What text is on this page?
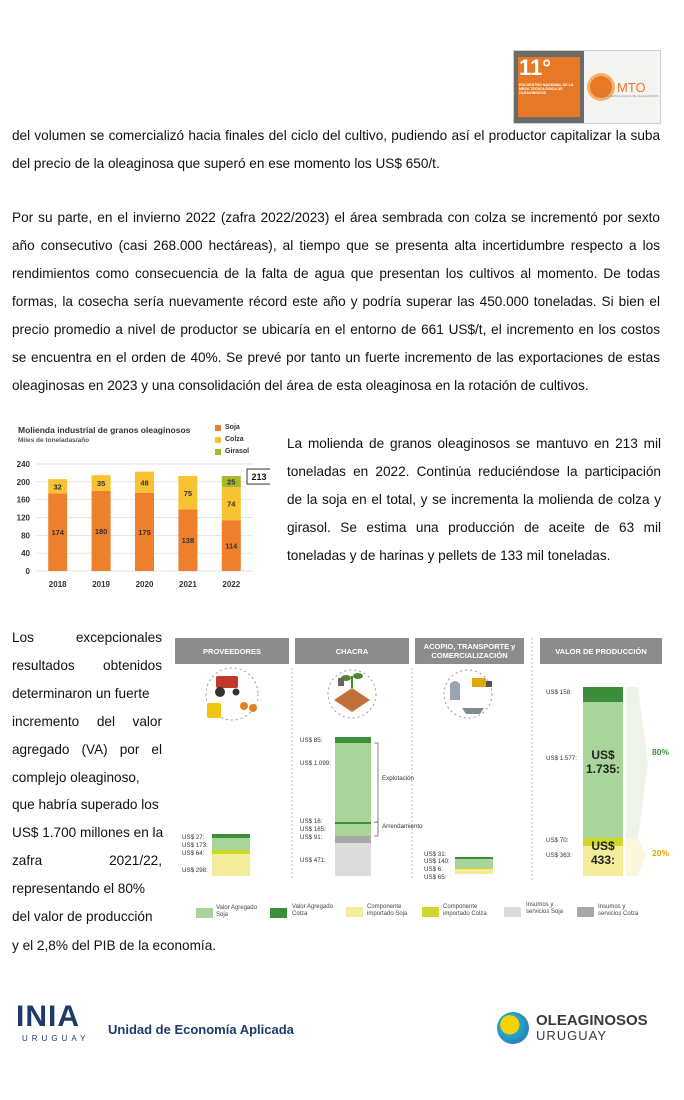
11°
ENCUENTRO NACIONAL DE LA MESA TECNOLÓGICA DE OLEAGINOSOS	MTO
MESA TECNOLÓGICA DE OLEAGINOSOS
del volumen se comercializó hacia finales del ciclo del cultivo, pudiendo así el productor capitalizar la suba
del precio de la oleaginosa que superó en ese momento los US$ 650/t.
Por su parte, en el invierno 2022 (zafra 2022/2023) el área sembrada con colza se incrementó por sexto
año consecutivo (casi 268.000 hectáreas), al tiempo que se presenta alta incertidumbre respecto a los
rendimientos como consecuencia de la falta de agua que presentan los cultivos al momento. De todas
formas, la cosecha sería nuevamente récord este año y podría superar las 450.000 toneladas. Si bien el
precio promedio a nivel de productor se ubicaría en el entorno de 661 US$/t, el incremento en los costos
se encuentra en el orden de 40%. Se prevé por tanto un fuerte incremento de las exportaciones de estas
oleaginosas en 2023 y una consolidación del área de esta oleaginosa en la rotación de cultivos.
Molienda industrial de granos oleaginosos
Miles de toneladas/año
Soja
Colza
Girasol
0
40
80
120
160
200
240
174
32
2018
180
35
2019
175
48
2020
138
75
2021
114
74
25
2022
213
La molienda de granos oleaginosos se mantuvo en 213 mil
toneladas en 2022. Continúa reduciéndose la participación
de la soja en el total, y se incrementa la molienda de colza y
girasol. Se estima una producción de aceite de 63 mil
toneladas y de harinas y pellets de 133 mil toneladas.
Los excepcionales
resultados obtenidos
determinaron un fuerte
incremento del valor
agregado (VA) por el
complejo oleaginoso,
que habría superado los
US$ 1.700 millones en la
zafra 2021/22,
representando el 80%
del valor de producción
y el 2,8% del PIB de la economía.
PROVEEDORES	CHACRA	ACOPIO, TRANSPORTE y COMERCIALIZACIÓN	VALOR DE PRODUCCIÓN
US$ 27:
US$ 173:
US$ 64:
US$ 298:
US$ 85:
US$ 1.099:
US$ 16:
US$ 165:
US$ 91:
US$ 471:
Explotación
Arrendamiento
US$ 31:
US$ 140:
US$ 6:
US$ 65:
US$ 158:
US$ 1.577:
US$ 70:
US$ 363:
US$
1.735:
US$
433:
80%
20%
Valor Agregado Soja
Valor Agregado Colza
Componente importado Soja
Componente importado Colza
Insumos y servicios Soja
Insumos y servicios Colza
INIA
URUGUAY
Unidad de Economía Aplicada
OLEAGINOSOS
URUGUAY
